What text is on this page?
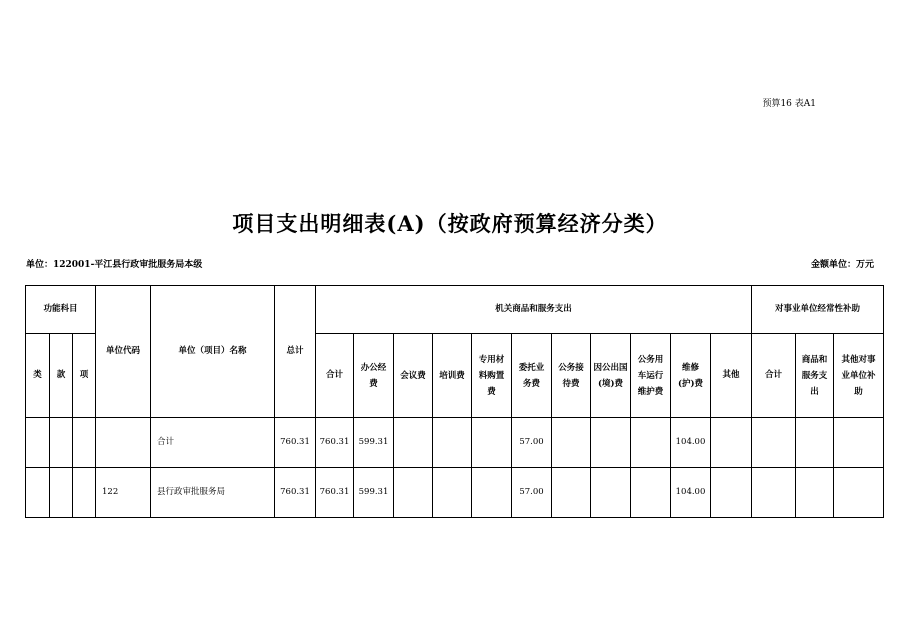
预算16 表A1
项目支出明细表(A)（按政府预算经济分类）
单位：122001-平江县行政审批服务局本级	金额单位：万元
功能科目			单位代码	单位（项目）名称	总计	机关商品和服务支出											对事业单位经常性补助		
类	款	项				合计	办公经费	会议费	培训费	专用材料购置费	委托业务费	公务接待费	因公出国(境)费	公务用车运行维护费	维修(护)费	其他	合计	商品和服务支出	其他对事业单位补助

				合计	760.31	760.31	599.31				57.00				104.00				
			122	县行政审批服务局	760.31	760.31	599.31				57.00				104.00				
